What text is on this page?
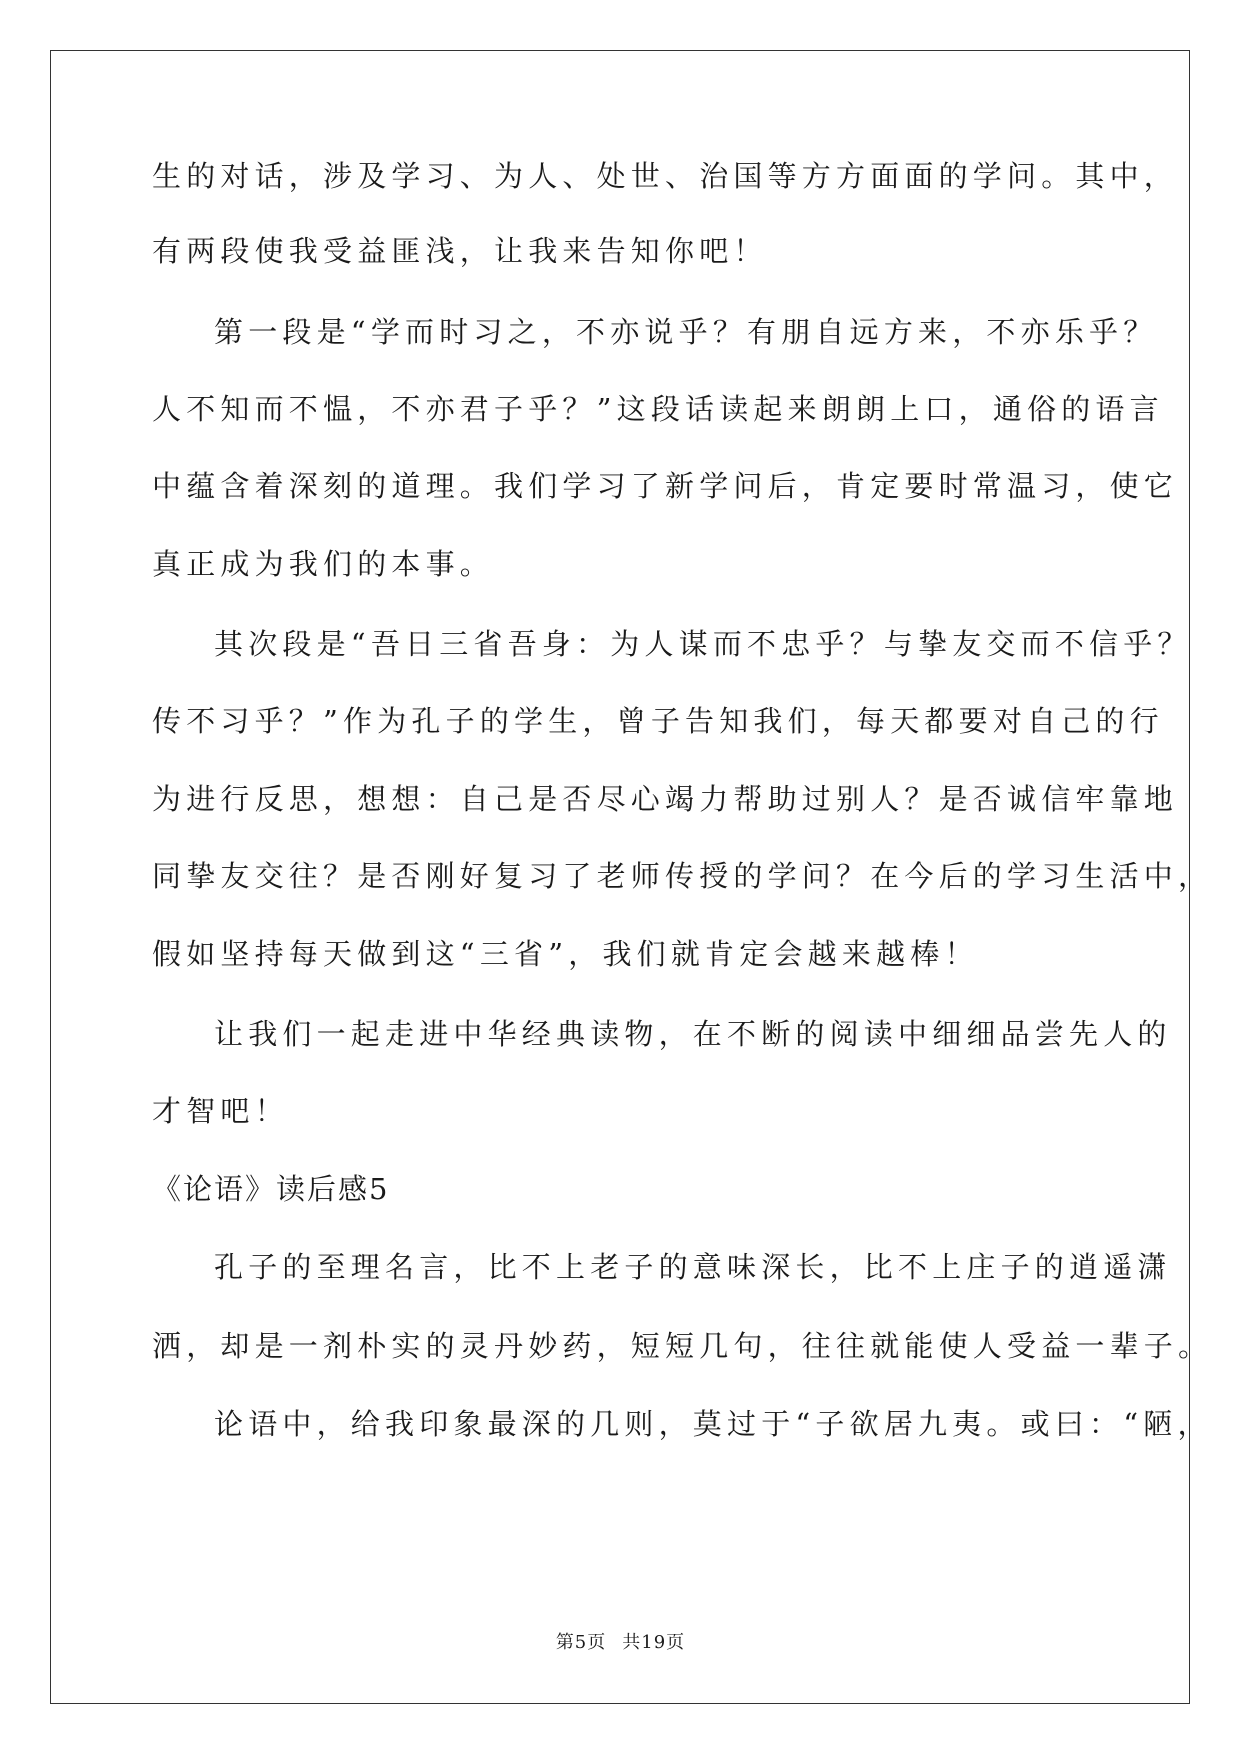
生的对话，涉及学习、为人、处世、治国等方方面面的学问。其中，
有两段使我受益匪浅，让我来告知你吧！
第一段是“学而时习之，不亦说乎？有朋自远方来，不亦乐乎？
人不知而不愠，不亦君子乎？”这段话读起来朗朗上口，通俗的语言
中蕴含着深刻的道理。我们学习了新学问后，肯定要时常温习，使它
真正成为我们的本事。
其次段是“吾日三省吾身：为人谋而不忠乎？与挚友交而不信乎？
传不习乎？”作为孔子的学生，曾子告知我们，每天都要对自己的行
为进行反思，想想：自己是否尽心竭力帮助过别人？是否诚信牢靠地
同挚友交往？是否刚好复习了老师传授的学问？在今后的学习生活中，
假如坚持每天做到这“三省”，我们就肯定会越来越棒！
让我们一起走进中华经典读物，在不断的阅读中细细品尝先人的
才智吧！
《论语》读后感5
孔子的至理名言，比不上老子的意味深长，比不上庄子的逍遥潇
洒，却是一剂朴实的灵丹妙药，短短几句，往往就能使人受益一辈子。
论语中，给我印象最深的几则，莫过于“子欲居九夷。或曰：“陋，
第5页 共19页
